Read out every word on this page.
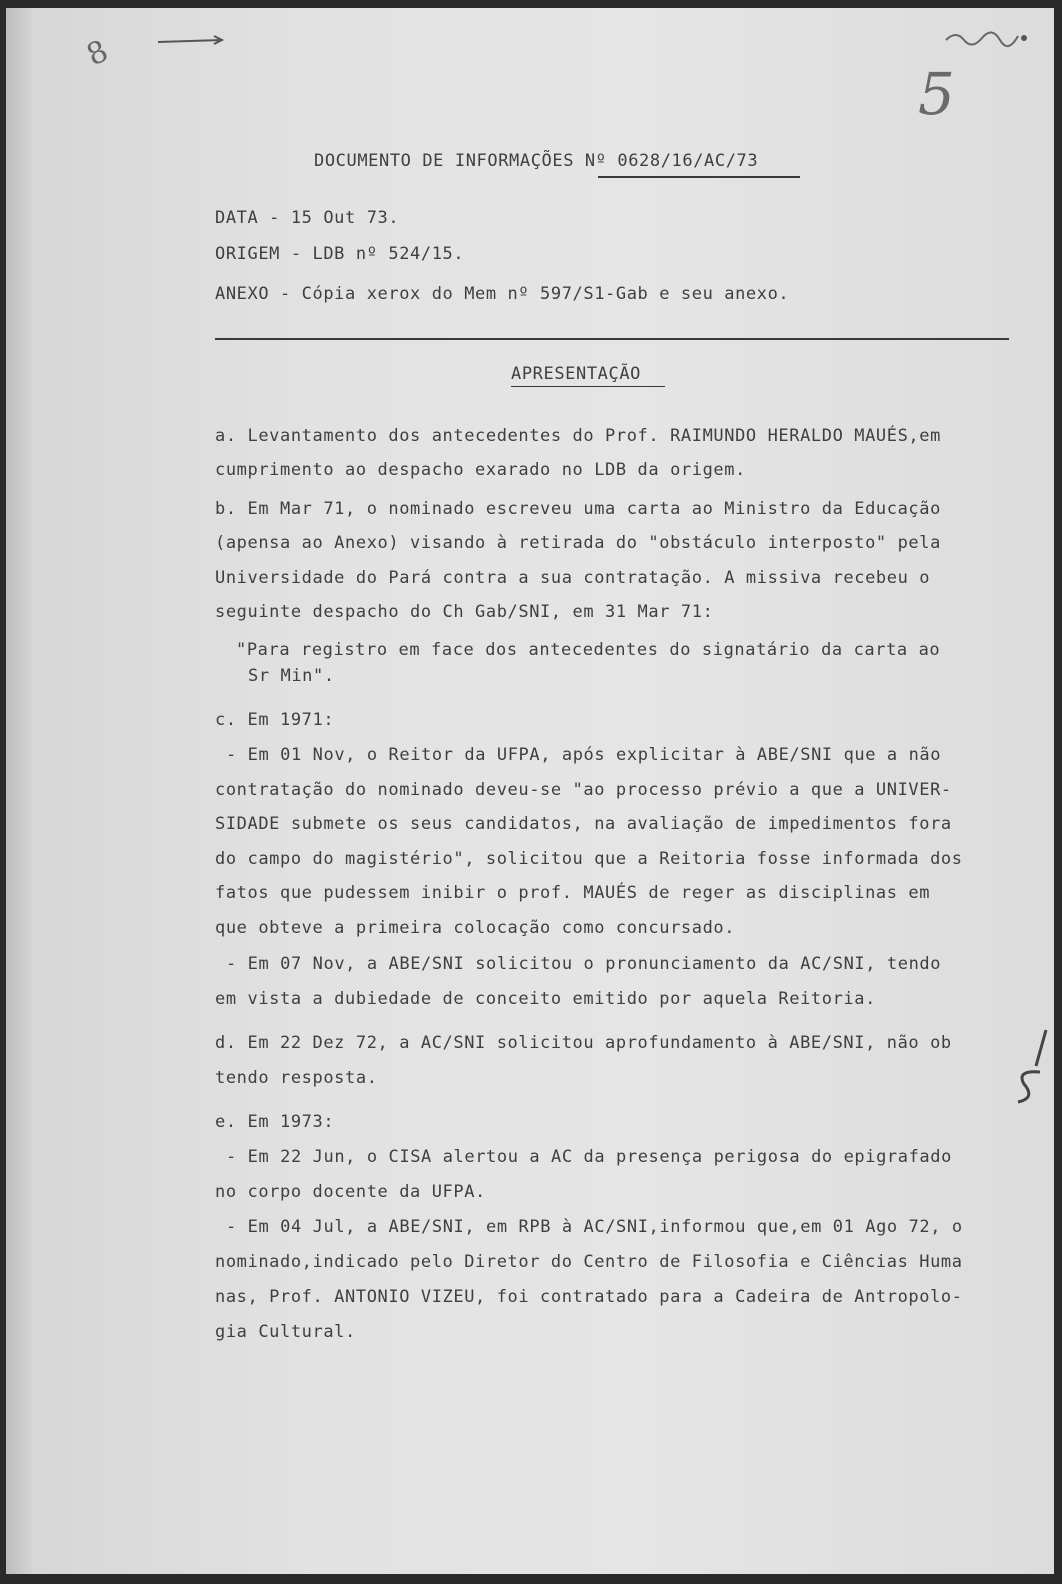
8
5
DOCUMENTO DE INFORMAÇÕES Nº 0628/16/AC/73
DATA - 15 Out 73.
ORIGEM - LDB nº 524/15.
ANEXO - Cópia xerox do Mem nº 597/S1-Gab e seu anexo.
APRESENTAÇÃO
a. Levantamento dos antecedentes do Prof. RAIMUNDO HERALDO MAUÉS,em
cumprimento ao despacho exarado no LDB da origem.
b. Em Mar 71, o nominado escreveu uma carta ao Ministro da Educação
(apensa ao Anexo) visando à retirada do "obstáculo interposto" pela
Universidade do Pará contra a sua contratação. A missiva recebeu o
seguinte despacho do Ch Gab/SNI, em 31 Mar 71:
"Para registro em face dos antecedentes do signatário da carta ao
Sr Min".
c. Em 1971:
- Em 01 Nov, o Reitor da UFPA, após explicitar à ABE/SNI que a não
contratação do nominado deveu-se "ao processo prévio a que a UNIVER-
SIDADE submete os seus candidatos, na avaliação de impedimentos fora
do campo do magistério", solicitou que a Reitoria fosse informada dos
fatos que pudessem inibir o prof. MAUÉS de reger as disciplinas em
que obteve a primeira colocação como concursado.
- Em 07 Nov, a ABE/SNI solicitou o pronunciamento da AC/SNI, tendo
em vista a dubiedade de conceito emitido por aquela Reitoria.
d. Em 22 Dez 72, a AC/SNI solicitou aprofundamento à ABE/SNI, não ob
tendo resposta.
e. Em 1973:
- Em 22 Jun, o CISA alertou a AC da presença perigosa do epigrafado
no corpo docente da UFPA.
- Em 04 Jul, a ABE/SNI, em RPB à AC/SNI,informou que,em 01 Ago 72, o
nominado,indicado pelo Diretor do Centro de Filosofia e Ciências Huma
nas, Prof. ANTONIO VIZEU, foi contratado para a Cadeira de Antropolo-
gia Cultural.
